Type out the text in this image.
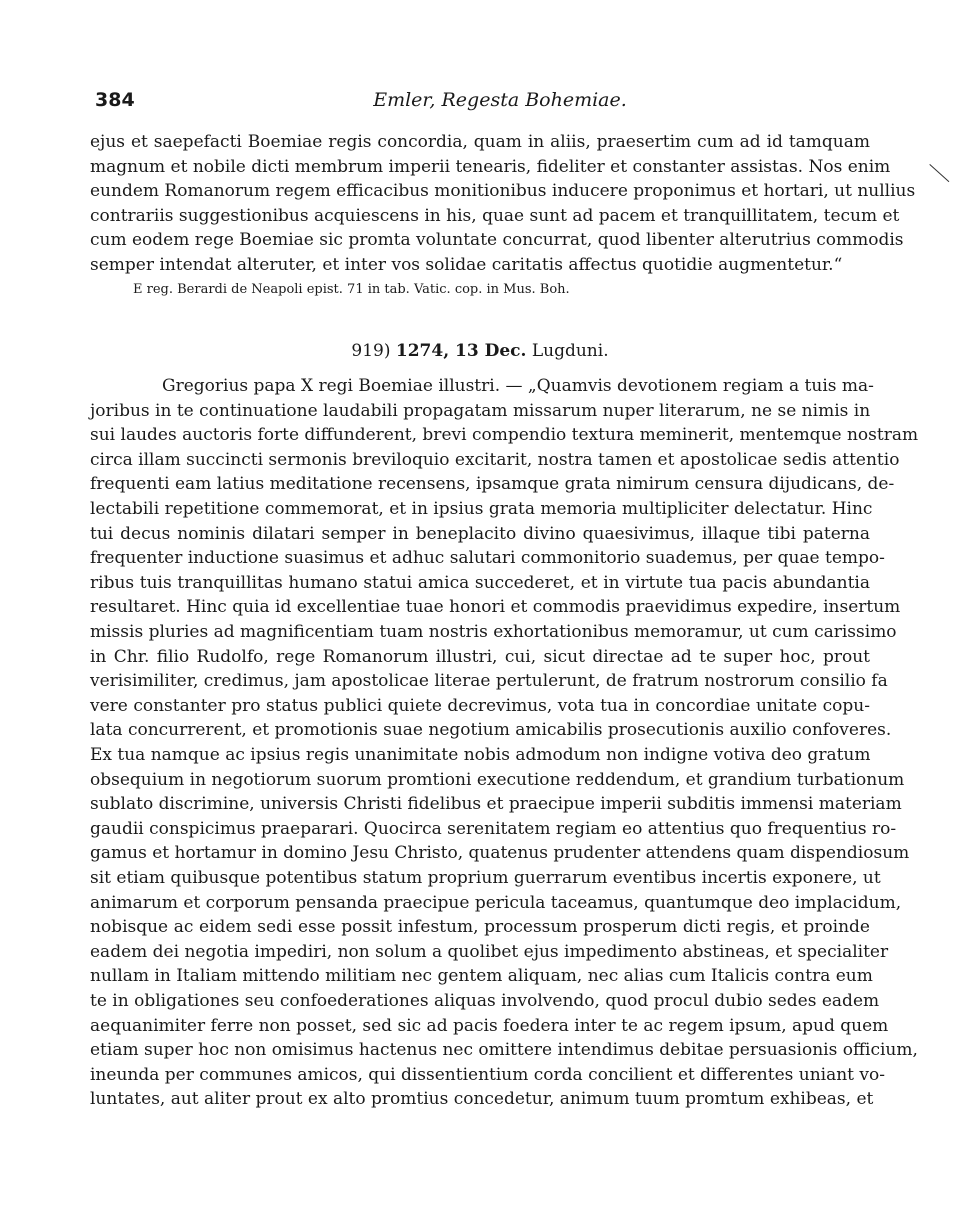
384	Emler, Regesta Bohemiae.
ejus et saepefacti Boemiae regis concordia, quam in aliis, praesertim cum ad id tamquam
magnum et nobile dicti membrum imperii tenearis, fideliter et constanter assistas. Nos enim
eundem Romanorum regem efficacibus monitionibus inducere proponimus et hortari, ut nullius
contrariis suggestionibus acquiescens in his, quae sunt ad pacem et tranquillitatem, tecum et
cum eodem rege Boemiae sic promta voluntate concurrat, quod libenter alterutrius commodis
semper intendat alteruter, et inter vos solidae caritatis affectus quotidie augmentetur.“
E reg. Berardi de Neapoli epist. 71 in tab. Vatic. cop. in Mus. Boh.
919) 1274, 13 Dec. Lugduni.
Gregorius papa X regi Boemiae illustri. — „Quamvis devotionem regiam a tuis ma-
joribus in te continuatione laudabili propagatam missarum nuper literarum, ne se nimis in
sui laudes auctoris forte diffunderent, brevi compendio textura meminerit, mentemque nostram
circa illam succincti sermonis breviloquio excitarit, nostra tamen et apostolicae sedis attentio
frequenti eam latius meditatione recensens, ipsamque grata nimirum censura dijudicans, de-
lectabili repetitione commemorat, et in ipsius grata memoria multipliciter delectatur. Hinc
tui decus nominis dilatari semper in beneplacito divino quaesivimus, illaque tibi paterna
frequenter inductione suasimus et adhuc salutari commonitorio suademus, per quae tempo-
ribus tuis tranquillitas humano statui amica succederet, et in virtute tua pacis abundantia
resultaret. Hinc quia id excellentiae tuae honori et commodis praevidimus expedire, insertum
missis pluries ad magnificentiam tuam nostris exhortationibus memoramur, ut cum carissimo
in Chr. filio Rudolfo, rege Romanorum illustri, cui, sicut directae ad te super hoc, prout
verisimiliter, credimus, jam apostolicae literae pertulerunt, de fratrum nostrorum consilio fa
vere constanter pro status publici quiete decrevimus, vota tua in concordiae unitate copu-
lata concurrerent, et promotionis suae negotium amicabilis prosecutionis auxilio confoveres.
Ex tua namque ac ipsius regis unanimitate nobis admodum non indigne votiva deo gratum
obsequium in negotiorum suorum promtioni executione reddendum, et grandium turbationum
sublato discrimine, universis Christi fidelibus et praecipue imperii subditis immensi materiam
gaudii conspicimus praeparari. Quocirca serenitatem regiam eo attentius quo frequentius ro-
gamus et hortamur in domino Jesu Christo, quatenus prudenter attendens quam dispendiosum
sit etiam quibusque potentibus statum proprium guerrarum eventibus incertis exponere, ut
animarum et corporum pensanda praecipue pericula taceamus, quantumque deo implacidum,
nobisque ac eidem sedi esse possit infestum, processum prosperum dicti regis, et proinde
eadem dei negotia impediri, non solum a quolibet ejus impedimento abstineas, et specialiter
nullam in Italiam mittendo militiam nec gentem aliquam, nec alias cum Italicis contra eum
te in obligationes seu confoederationes aliquas involvendo, quod procul dubio sedes eadem
aequanimiter ferre non posset, sed sic ad pacis foedera inter te ac regem ipsum, apud quem
etiam super hoc non omisimus hactenus nec omittere intendimus debitae persuasionis officium,
ineunda per communes amicos, qui dissentientium corda concilient et differentes uniant vo-
luntates, aut aliter prout ex alto promtius concedetur, animum tuum promtum exhibeas, et
